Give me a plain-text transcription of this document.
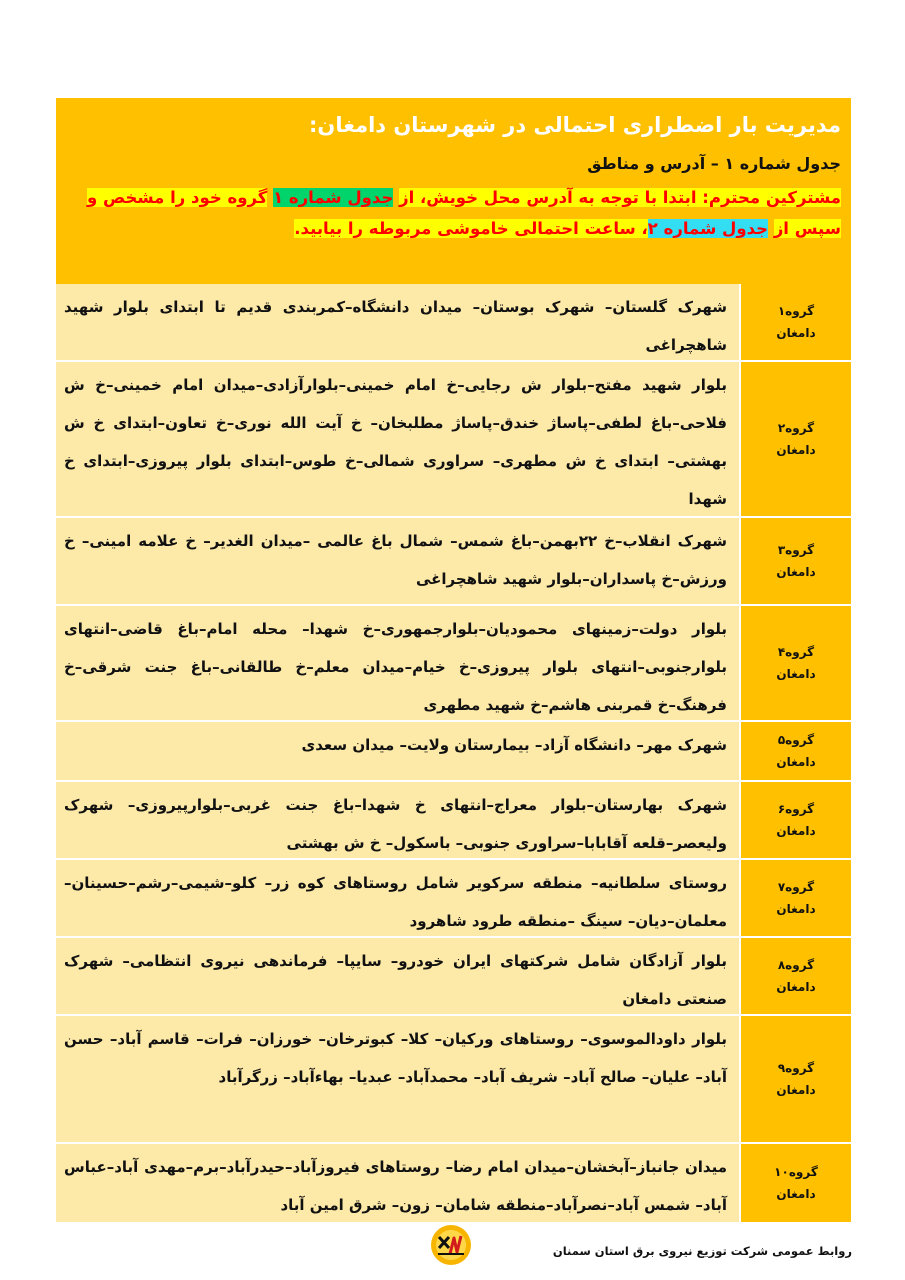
مدیریت بار اضطراری احتمالی در شهرستان دامغان:
جدول شماره ۱ – آدرس و مناطق
مشترکین محترم: ابتدا با توجه به آدرس محل خویش، از جدول شماره ۱ گروه خود را مشخص و سپس از جدول شماره ۲، ساعت احتمالی خاموشی مربوطه را بیابید.
گروه۱
دامغان
شهرک گلستان– شهرک بوستان– میدان دانشگاه–کمربندی قدیم تا ابتدای بلوار شهید شاهچراغی
گروه۲
دامغان
بلوار شهید مفتح–بلوار ش رجایی–خ امام خمینی–بلوارآزادی–میدان امام خمینی–خ ش فلاحی–باغ لطفی–پاساژ خندق–پاساژ مطلبخان– خ آیت الله نوری–خ تعاون–ابتدای خ ش بهشتی– ابتدای خ ش مطهری– سراوری شمالی–خ طوس–ابتدای بلوار پیروزی–ابتدای خ شهدا
گروه۳
دامغان
شهرک انقلاب–خ ۲۲بهمن–باغ شمس– شمال باغ عالمی –میدان الغدیر– خ علامه امینی– خ ورزش–خ پاسداران–بلوار شهید شاهچراغی
گروه۴
دامغان
بلوار دولت–زمینهای محمودیان–بلوارجمهوری–خ شهدا– محله امام–باغ قاضی–انتهای بلوارجنوبی–انتهای بلوار پیروزی–خ خیام–میدان معلم–خ طالقانی–باغ جنت شرقی–خ فرهنگ–خ قمربنی هاشم–خ شهید مطهری
گروه۵
دامغان
شهرک مهر– دانشگاه آزاد– بیمارستان ولایت– میدان سعدی
گروه۶
دامغان
شهرک بهارستان–بلوار معراج–انتهای خ شهدا–باغ جنت غربی–بلوارپیروزی– شهرک ولیعصر–قلعه آقابابا–سراوری جنوبی– باسکول– خ ش بهشتی
گروه۷
دامغان
روستای سلطانیه– منطقه سرکویر شامل روستاهای کوه زر– کلو–شیمی–رشم–حسینان–معلمان–دیان– سینگ –منطقه طرود شاهرود
گروه۸
دامغان
بلوار آزادگان شامل شرکتهای ایران خودرو– سایپا– فرماندهی نیروی انتظامی– شهرک صنعتی دامغان
گروه۹
دامغان
بلوار داودالموسوی– روستاهای ورکیان– کلا– کبوترخان– خورزان– فرات– قاسم آباد– حسن آباد– علیان– صالح آباد– شریف آباد– محمدآباد– عبدیا– بهاءآباد– زرگرآباد
گروه۱۰
دامغان
میدان جانباز–آبخشان–میدان امام رضا– روستاهای فیروزآباد–حیدرآباد–برم–مهدی آباد–عباس آباد– شمس آباد–نصرآباد–منطقه شامان– زون– شرق امین آباد
روابط عمومی شرکت توزیع نیروی برق استان سمنان
